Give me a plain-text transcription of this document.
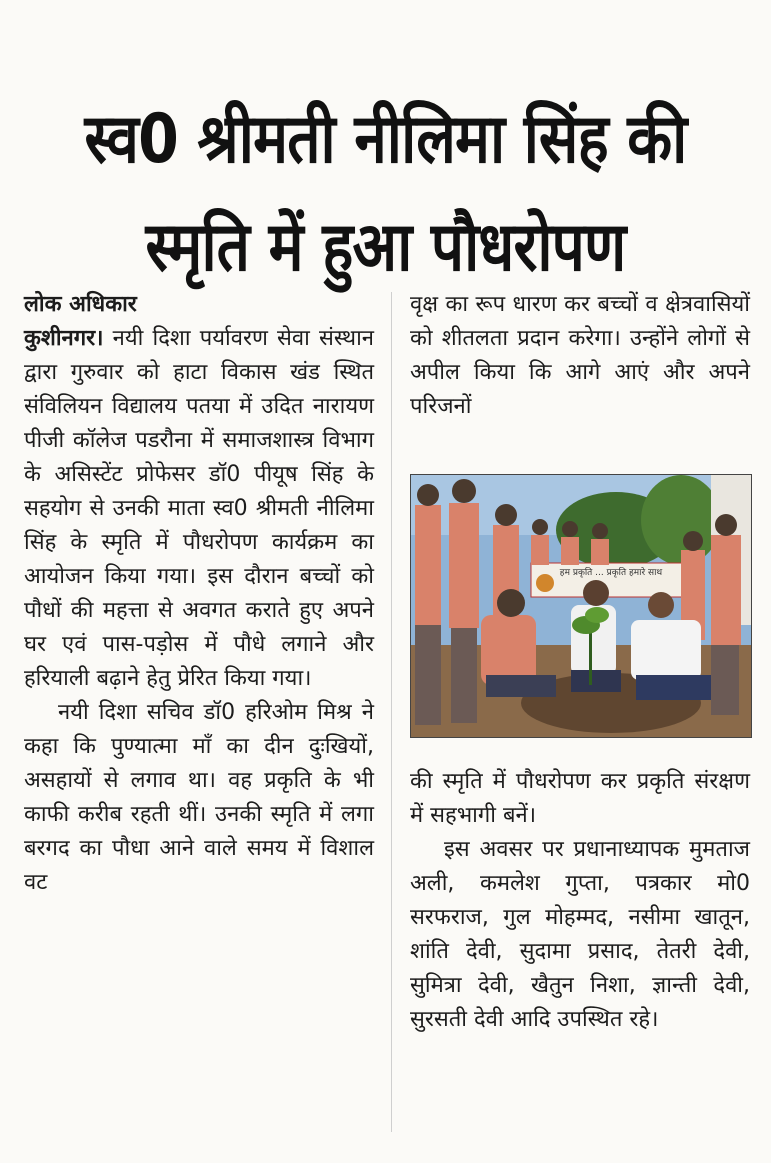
स्व0 श्रीमती नीलिमा सिंह की
स्मृति में हुआ पौधरोपण

लोक अधिकार

कुशीनगर। नयी दिशा पर्यावरण सेवा संस्थान द्वारा गुरुवार को हाटा विकास खंड स्थित संविलियन विद्यालय पतया में उदित नारायण पीजी कॉलेज पडरौना में समाजशास्त्र विभाग के असिस्टेंट प्रोफेसर डॉ0 पीयूष सिंह के सहयोग से उनकी माता स्व0 श्रीमती नीलिमा सिंह के स्मृति में पौधरोपण कार्यक्रम का आयोजन किया गया। इस दौरान बच्चों को पौधों की महत्ता से अवगत कराते हुए अपने घर एवं पास-पड़ोस में पौधे लगाने और हरियाली बढ़ाने हेतु प्रेरित किया गया।

नयी दिशा सचिव डॉ0 हरिओम मिश्र ने कहा कि पुण्यात्मा माँ का दीन दुःखियों, असहायों से लगाव था। वह प्रकृति के भी काफी करीब रहती थीं। उनकी स्मृति में लगा बरगद का पौधा आने वाले समय में विशाल वट

वृक्ष का रूप धारण कर बच्चों व क्षेत्रवासियों को शीतलता प्रदान करेगा। उन्होंने लोगों से अपील किया कि आगे आएं और अपने परिजनों

हम प्रकृति ... प्रकृति हमारे साथ

की स्मृति में पौधरोपण कर प्रकृति संरक्षण में सहभागी बनें।

इस अवसर पर प्रधानाध्यापक मुमताज अली, कमलेश गुप्ता, पत्रकार मो0 सरफराज, गुल मोहम्मद, नसीमा खातून, शांति देवी, सुदामा प्रसाद, तेतरी देवी, सुमित्रा देवी, खैतुन निशा, ज्ञान्ती देवी, सुरसती देवी आदि उपस्थित रहे।
